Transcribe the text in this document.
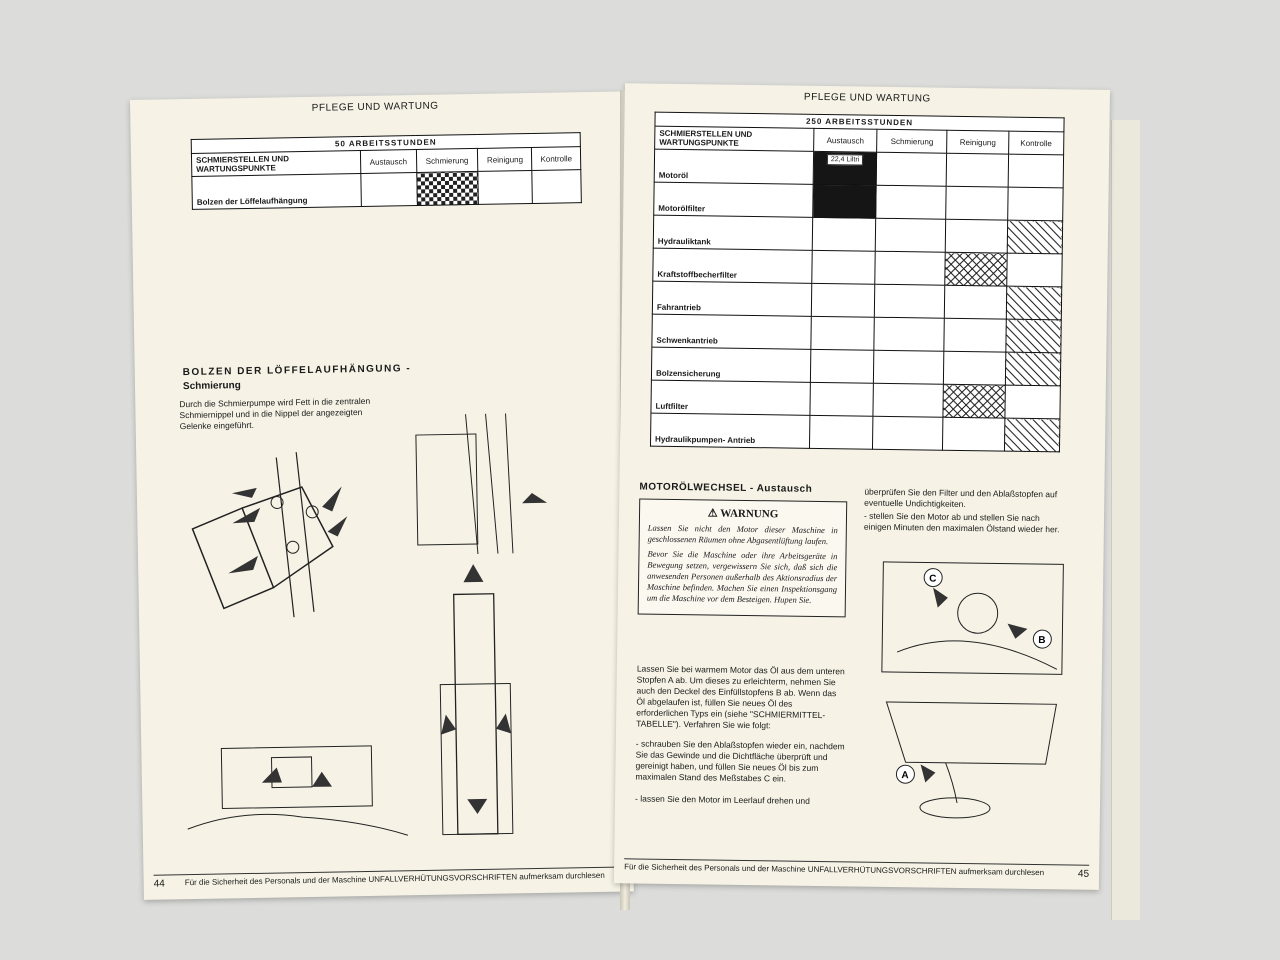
PFLEGE UND WARTUNG
50 ARBEITSSTUNDEN				
SCHMIERSTELLEN UND WARTUNGSPUNKTE	Austausch	Schmierung	Reinigung	Kontrolle
Bolzen der Löffelaufhängung				
BOLZEN DER LÖFFELAUFHÄNGUNG -
Schmierung
Durch die Schmierpumpe wird Fett in die zentralen Schmiernippel und in die Nippel der angezeigten Gelenke eingeführt.
44 Für die Sicherheit des Personals und der Maschine UNFALLVERHÜTUNGSVORSCHRIFTEN aufmerksam durchlesen
PFLEGE UND WARTUNG
250 ARBEITSSTUNDEN				
SCHMIERSTELLEN UND WARTUNGSPUNKTE	Austausch	Schmierung	Reinigung	Kontrolle
Motoröl	22,4 Liltri			
Motorölfilter				
Hydrauliktank				
Kraftstoffbecherfilter				
Fahrantrieb				
Schwenkantrieb				
Bolzensicherung				
Luftfilter				
Hydraulikpumpen- Antrieb				
MOTORÖLWECHSEL - Austausch
⚠ WARNUNG

Lassen Sie nicht den Motor dieser Maschine in geschlossenen Räumen ohne Abgasentlüftung laufen.

Bevor Sie die Maschine oder ihre Arbeitsgeräte in Bewegung setzen, vergewissern Sie sich, daß sich die anwesenden Personen außerhalb des Aktionsradius der Maschine befinden. Machen Sie einen Inspektionsgang um die Maschine vor dem Besteigen. Hupen Sie.

Lassen Sie bei warmem Motor das Öl aus dem unteren Stopfen A ab. Um dieses zu erleichterm, nehmen Sie auch den Deckel des Einfüllstopfens B ab. Wenn das Öl abgelaufen ist, füllen Sie neues Öl des erforderlichen Typs ein (siehe "SCHMIERMITTEL-TABELLE"). Verfahren Sie wie folgt:
- schrauben Sie den Ablaßstopfen wieder ein, nachdem Sie das Gewinde und die Dichtfläche überprüft und gereinigt haben, und füllen Sie neues Öl bis zum maximalen Stand des Meßstabes C ein.
- lassen Sie den Motor im Leerlauf drehen und
überprüfen Sie den Filter und den Ablaßstopfen auf eventuelle Undichtigkeiten.
- stellen Sie den Motor ab und stellen Sie nach einigen Minuten den maximalen Ölstand wieder her.
C
B
A
Für die Sicherheit des Personals und der Maschine UNFALLVERHÜTUNGSVORSCHRIFTEN aufmerksam durchlesen	45
